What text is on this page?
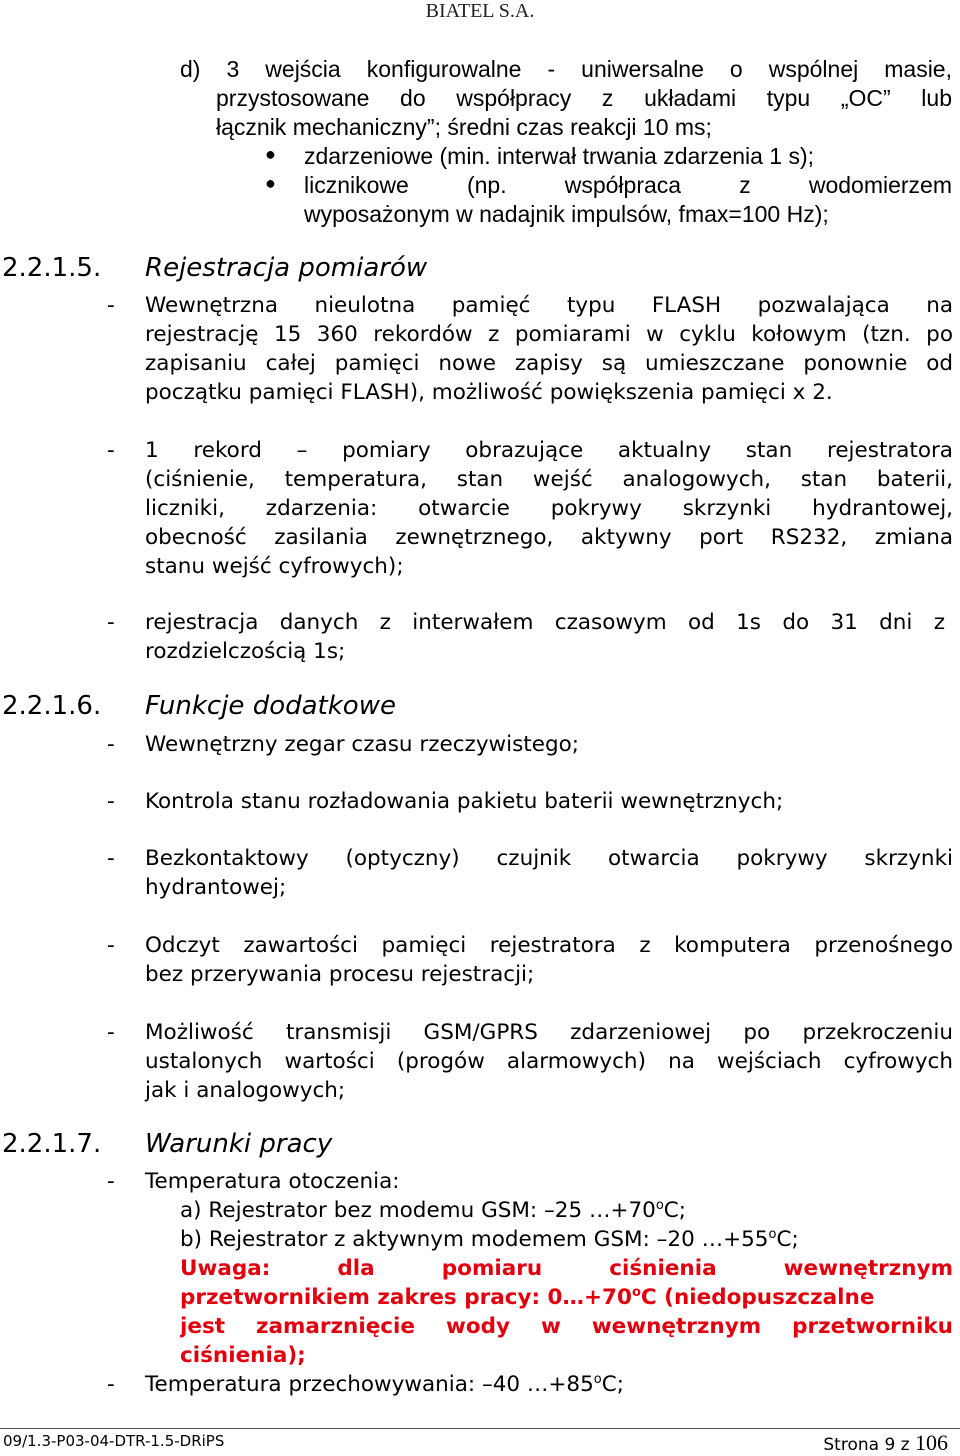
BIATEL S.A.
d) 3 wejścia konfigurowalne - uniwersalne o wspólnej masie,
przystosowane do współpracy z układami typu „OC” lub
łącznik mechaniczny”; średni czas reakcji 10 ms;
● zdarzeniowe (min. interwał trwania zdarzenia 1 s);
● licznikowe (np. współpraca z wodomierzem
wyposażonym w nadajnik impulsów, fmax=100 Hz);
2.2.1.5. Rejestracja pomiarów
- Wewnętrzna nieulotna pamięć typu FLASH pozwalająca na
rejestrację 15 360 rekordów z pomiarami w cyklu kołowym (tzn. po
zapisaniu całej pamięci nowe zapisy są umieszczane ponownie od
początku pamięci FLASH), możliwość powiększenia pamięci x 2.
- 1 rekord – pomiary obrazujące aktualny stan rejestratora
(ciśnienie, temperatura, stan wejść analogowych, stan baterii,
liczniki, zdarzenia: otwarcie pokrywy skrzynki hydrantowej,
obecność zasilania zewnętrznego, aktywny port RS232, zmiana
stanu wejść cyfrowych);
- rejestracja danych z interwałem czasowym od 1s do 31 dni z
rozdzielczością 1s;
2.2.1.6. Funkcje dodatkowe
- Wewnętrzny zegar czasu rzeczywistego;
- Kontrola stanu rozładowania pakietu baterii wewnętrznych;
- Bezkontaktowy (optyczny) czujnik otwarcia pokrywy skrzynki
hydrantowej;
- Odczyt zawartości pamięci rejestratora z komputera przenośnego
bez przerywania procesu rejestracji;
- Możliwość transmisji GSM/GPRS zdarzeniowej po przekroczeniu
ustalonych wartości (progów alarmowych) na wejściach cyfrowych
jak i analogowych;
2.2.1.7. Warunki pracy
- Temperatura otoczenia:
a) Rejestrator bez modemu GSM: –25 $\dots+70^oC$;
b) Rejestrator z aktywnym modemem GSM: –20 $\dots+55^oC$;
Uwaga: dla pomiaru ciśnienia wewnętrznym
przetwornikiem zakres pracy: $0\dots+70^oC$ (niedopuszczalne
jest zamarznięcie wody w wewnętrznym przetworniku
ciśnienia);
- Temperatura przechowywania: –40 $\dots+85^oC$;
09/1.3-P03-04-DTR-1.5-DRiPS	Strona 9 z 106
